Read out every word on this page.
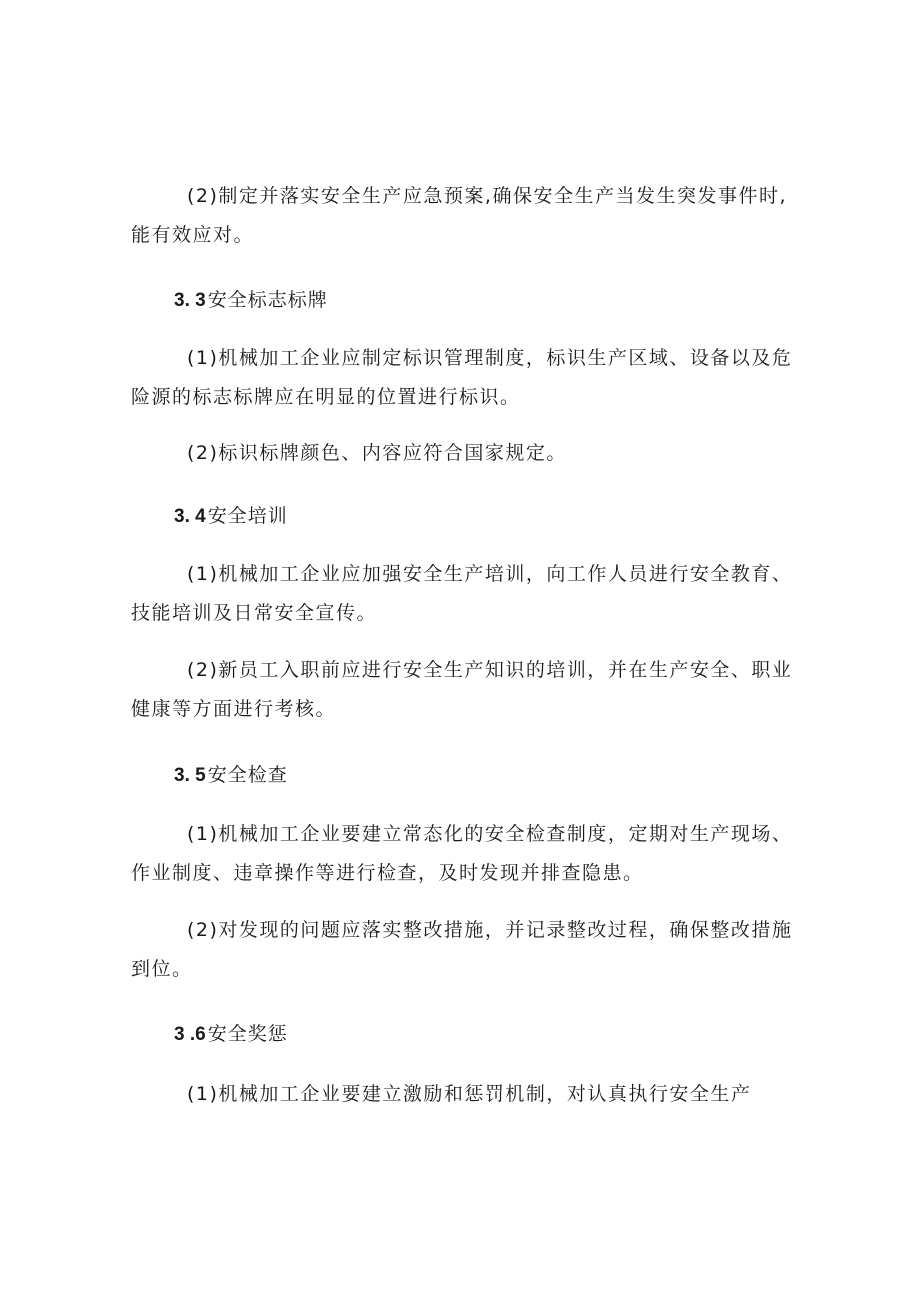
(2)制定并落实安全生产应急预案,确保安全生产当发生突发事件时,
能有效应对。
3. 3 安全标志标牌
(1)机械加工企业应制定标识管理制度，标识生产区域、设备以及危
险源的标志标牌应在明显的位置进行标识。
(2)标识标牌颜色、内容应符合国家规定。
3. 4 安全培训
(1)机械加工企业应加强安全生产培训，向工作人员进行安全教育、
技能培训及日常安全宣传。
(2)新员工入职前应进行安全生产知识的培训，并在生产安全、职业
健康等方面进行考核。
3. 5 安全检查
(1)机械加工企业要建立常态化的安全检查制度，定期对生产现场、
作业制度、违章操作等进行检查，及时发现并排查隐患。
(2)对发现的问题应落实整改措施，并记录整改过程，确保整改措施
到位。
3 .6 安全奖惩
(1)机械加工企业要建立激励和惩罚机制，对认真执行安全生产
